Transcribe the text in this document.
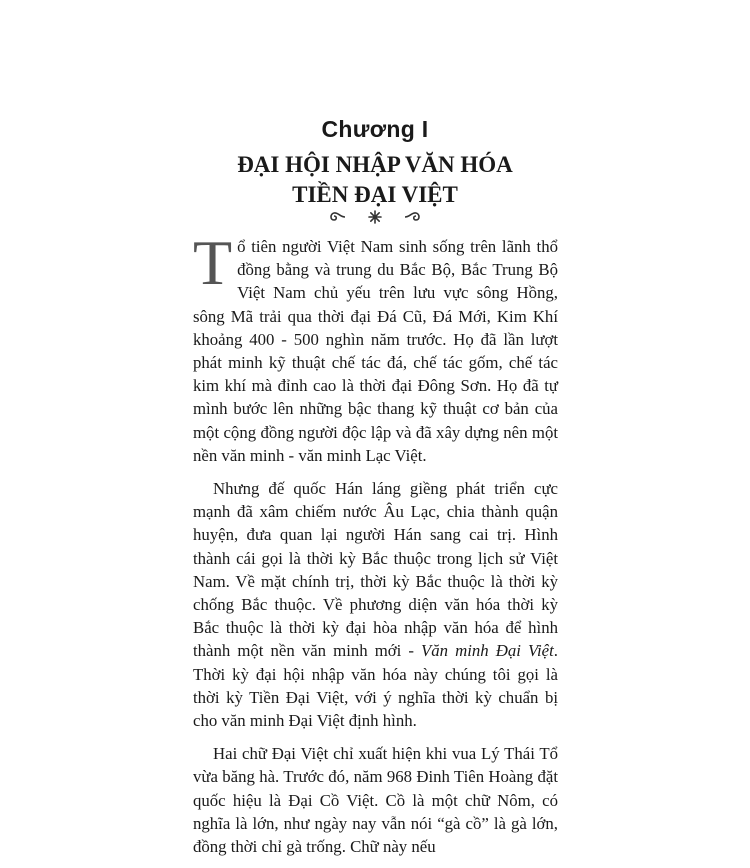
Chương I
ĐẠI HỘI NHẬP VĂN HÓA
TIỀN ĐẠI VIỆT

Tổ tiên người Việt Nam sinh sống trên lãnh thổ đồng bằng và trung du Bắc Bộ, Bắc Trung Bộ Việt Nam chủ yếu trên lưu vực sông Hồng, sông Mã trải qua thời đại Đá Cũ, Đá Mới, Kim Khí khoảng 400 - 500 nghìn năm trước. Họ đã lần lượt phát minh kỹ thuật chế tác đá, chế tác gốm, chế tác kim khí mà đỉnh cao là thời đại Đông Sơn. Họ đã tự mình bước lên những bậc thang kỹ thuật cơ bản của một cộng đồng người độc lập và đã xây dựng nên một nền văn minh - văn minh Lạc Việt.

Nhưng đế quốc Hán láng giềng phát triển cực mạnh đã xâm chiếm nước Âu Lạc, chia thành quận huyện, đưa quan lại người Hán sang cai trị. Hình thành cái gọi là thời kỳ Bắc thuộc trong lịch sử Việt Nam. Về mặt chính trị, thời kỳ Bắc thuộc là thời kỳ chống Bắc thuộc. Về phương diện văn hóa thời kỳ Bắc thuộc là thời kỳ đại hòa nhập văn hóa để hình thành một nền văn minh mới - Văn minh Đại Việt. Thời kỳ đại hội nhập văn hóa này chúng tôi gọi là thời kỳ Tiền Đại Việt, với ý nghĩa thời kỳ chuẩn bị cho văn minh Đại Việt định hình.

Hai chữ Đại Việt chỉ xuất hiện khi vua Lý Thái Tổ vừa băng hà. Trước đó, năm 968 Đinh Tiên Hoàng đặt quốc hiệu là Đại Cồ Việt. Cồ là một chữ Nôm, có nghĩa là lớn, như ngày nay vẫn nói “gà cồ” là gà lớn, đồng thời chỉ gà trống. Chữ này nếu
